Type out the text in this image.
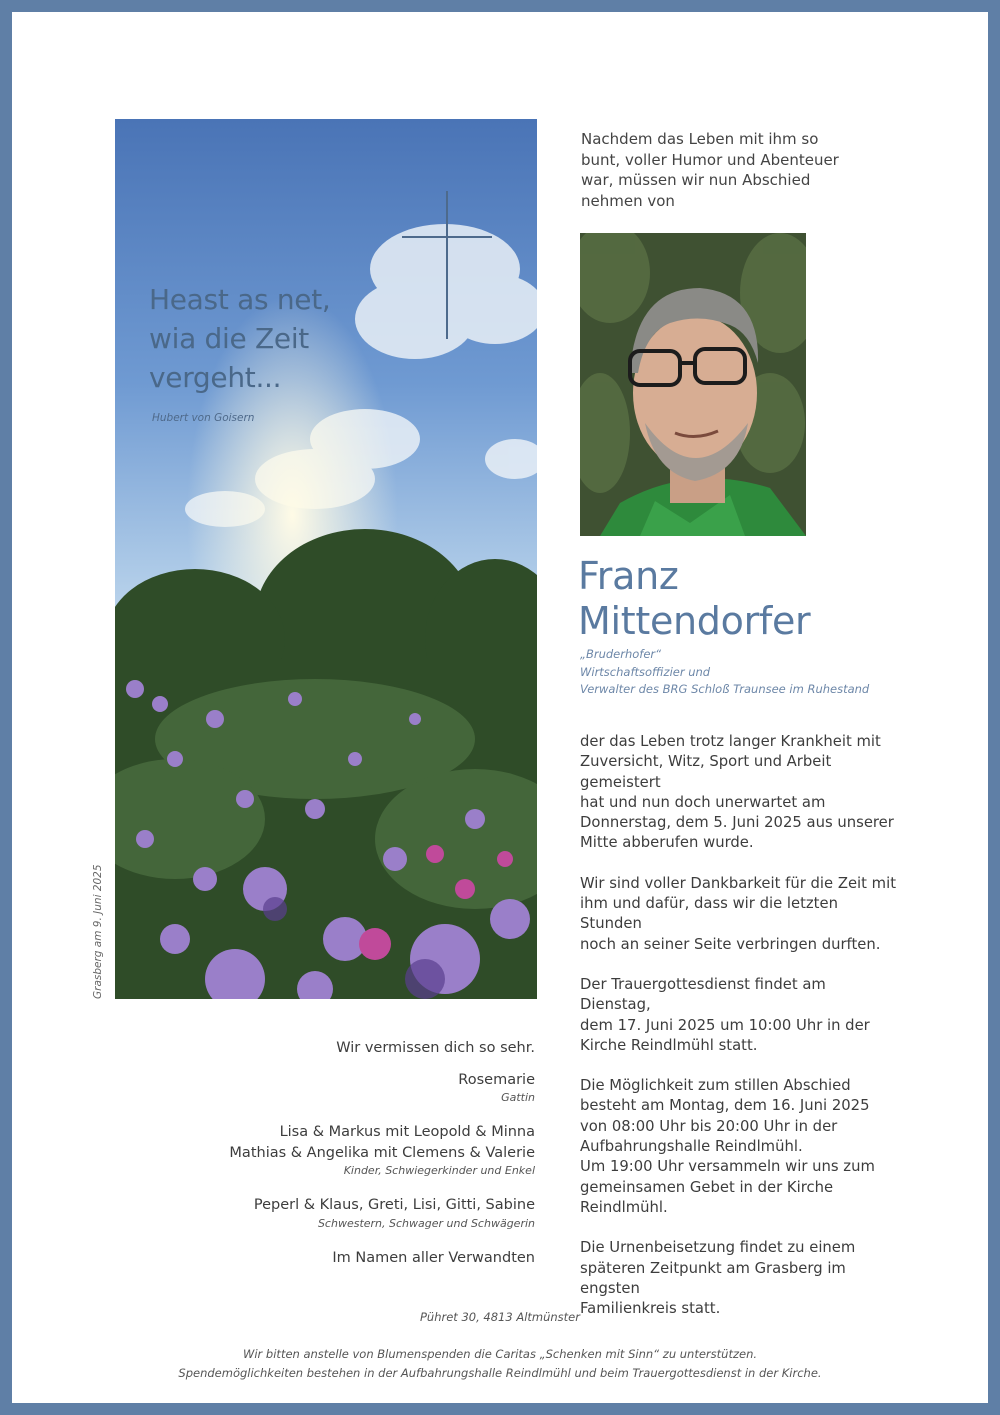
Heast as net,
wia die Zeit
vergeht...
Hubert von Goisern
Grasberg am 9. Juni 2025
Nachdem das Leben mit ihm so bunt, voller Humor und Abenteuer war, müssen wir nun Abschied nehmen von
Franz
Mittendorfer
„Bruderhofer“
Wirtschaftsoffizier und
Verwalter des BRG Schloß Traunsee im Ruhestand

der das Leben trotz langer Krankheit mit
Zuversicht, Witz, Sport und Arbeit gemeistert
hat und nun doch unerwartet am
Donnerstag, dem 5. Juni 2025 aus unserer
Mitte abberufen wurde.

Wir sind voller Dankbarkeit für die Zeit mit
ihm und dafür, dass wir die letzten Stunden
noch an seiner Seite verbringen durften.

Der Trauergottesdienst findet am Dienstag,
dem 17. Juni 2025 um 10:00 Uhr in der
Kirche Reindlmühl statt.

Die Möglichkeit zum stillen Abschied
besteht am Montag, dem 16. Juni 2025
von 08:00 Uhr bis 20:00 Uhr in der
Aufbahrungshalle Reindlmühl.
Um 19:00 Uhr versammeln wir uns zum
gemeinsamen Gebet in der Kirche
Reindlmühl.

Die Urnenbeisetzung findet zu einem
späteren Zeitpunkt am Grasberg im engsten
Familienkreis statt.

Wir vermissen dich so sehr.
Rosemarie
Gattin
Lisa & Markus mit Leopold & Minna
Mathias & Angelika mit Clemens & Valerie
Kinder, Schwiegerkinder und Enkel
Peperl & Klaus, Greti, Lisi, Gitti, Sabine
Schwestern, Schwager und Schwägerin
Im Namen aller Verwandten
Pühret 30, 4813 Altmünster
Wir bitten anstelle von Blumenspenden die Caritas „Schenken mit Sinn“ zu unterstützen.
Spendemöglichkeiten bestehen in der Aufbahrungshalle Reindlmühl und beim Trauergottesdienst in der Kirche.
